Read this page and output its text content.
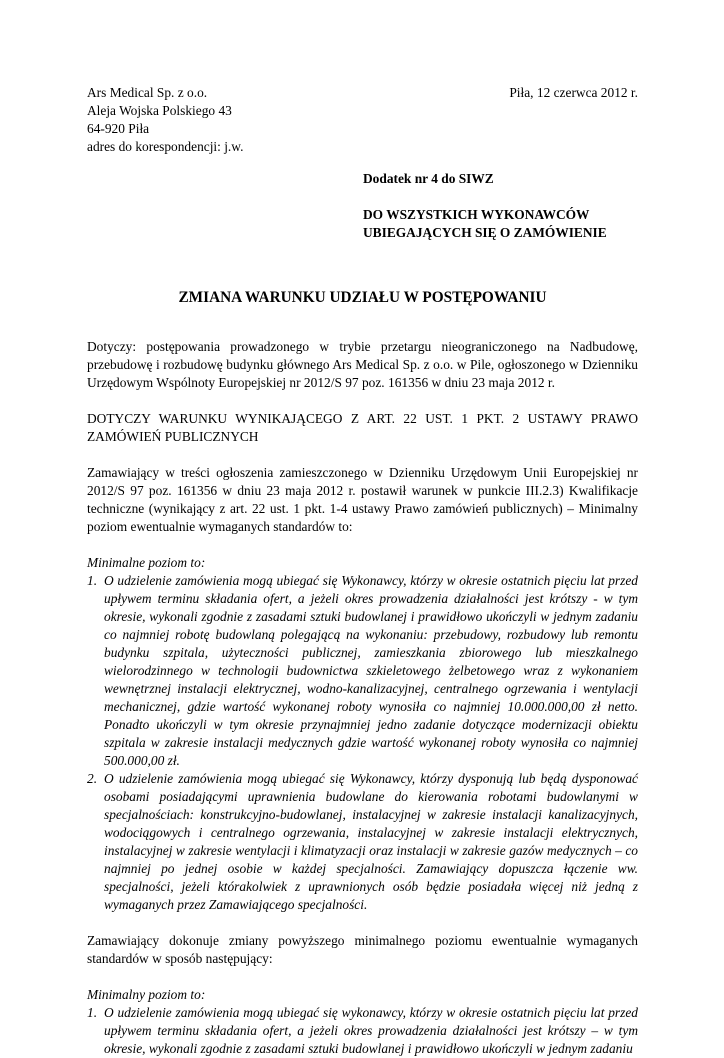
Ars Medical Sp. z o.o.
Aleja Wojska Polskiego 43
64-920 Piła
adres do korespondencji: j.w.
Piła, 12 czerwca 2012 r.
Dodatek nr 4 do SIWZ
DO WSZYSTKICH WYKONAWCÓW
UBIEGAJĄCYCH SIĘ O ZAMÓWIENIE
ZMIANA WARUNKU UDZIAŁU W POSTĘPOWANIU

Dotyczy: postępowania prowadzonego w trybie przetargu nieograniczonego na Nadbudowę, przebudowę i rozbudowę budynku głównego Ars Medical Sp. z o.o. w Pile, ogłoszonego w Dzienniku Urzędowym Wspólnoty Europejskiej nr 2012/S 97 poz. 161356 w dniu 23 maja 2012 r.

DOTYCZY WARUNKU WYNIKAJĄCEGO Z ART. 22 UST. 1 PKT. 2 USTAWY PRAWO ZAMÓWIEŃ PUBLICZNYCH

Zamawiający w treści ogłoszenia zamieszczonego w Dzienniku Urzędowym Unii Europejskiej nr 2012/S 97 poz. 161356 w dniu 23 maja 2012 r. postawił warunek w punkcie III.2.3) Kwalifikacje techniczne (wynikający z art. 22 ust. 1 pkt. 1-4 ustawy Prawo zamówień publicznych) – Minimalny poziom ewentualnie wymaganych standardów to:

Minimalne poziom to:
1. O udzielenie zamówienia mogą ubiegać się Wykonawcy, którzy w okresie ostatnich pięciu lat przed upływem terminu składania ofert, a jeżeli okres prowadzenia działalności jest krótszy - w tym okresie, wykonali zgodnie z zasadami sztuki budowlanej i prawidłowo ukończyli w jednym zadaniu co najmniej robotę budowlaną polegającą na wykonaniu: przebudowy, rozbudowy lub remontu budynku szpitala, użyteczności publicznej, zamieszkania zbiorowego lub mieszkalnego wielorodzinnego w technologii budownictwa szkieletowego żelbetowego wraz z wykonaniem wewnętrznej instalacji elektrycznej, wodno-kanalizacyjnej, centralnego ogrzewania i wentylacji mechanicznej, gdzie wartość wykonanej roboty wynosiła co najmniej 10.000.000,00 zł netto. Ponadto ukończyli w tym okresie przynajmniej jedno zadanie dotyczące modernizacji obiektu szpitala w zakresie instalacji medycznych gdzie wartość wykonanej roboty wynosiła co najmniej 500.000,00 zł.
2. O udzielenie zamówienia mogą ubiegać się Wykonawcy, którzy dysponują lub będą dysponować osobami posiadającymi uprawnienia budowlane do kierowania robotami budowlanymi w specjalnościach: konstrukcyjno-budowlanej, instalacyjnej w zakresie instalacji kanalizacyjnych, wodociągowych i centralnego ogrzewania, instalacyjnej w zakresie instalacji elektrycznych, instalacyjnej w zakresie wentylacji i klimatyzacji oraz instalacji w zakresie gazów medycznych – co najmniej po jednej osobie w każdej specjalności. Zamawiający dopuszcza łączenie ww. specjalności, jeżeli którakolwiek z uprawnionych osób będzie posiadała więcej niż jedną z wymaganych przez Zamawiającego specjalności.

Zamawiający dokonuje zmiany powyższego minimalnego poziomu ewentualnie wymaganych standardów w sposób następujący:

Minimalny poziom to:
1. O udzielenie zamówienia mogą ubiegać się wykonawcy, którzy w okresie ostatnich pięciu lat przed upływem terminu składania ofert, a jeżeli okres prowadzenia działalności jest krótszy – w tym okresie, wykonali zgodnie z zasadami sztuki budowlanej i prawidłowo ukończyli w jednym zadaniu
